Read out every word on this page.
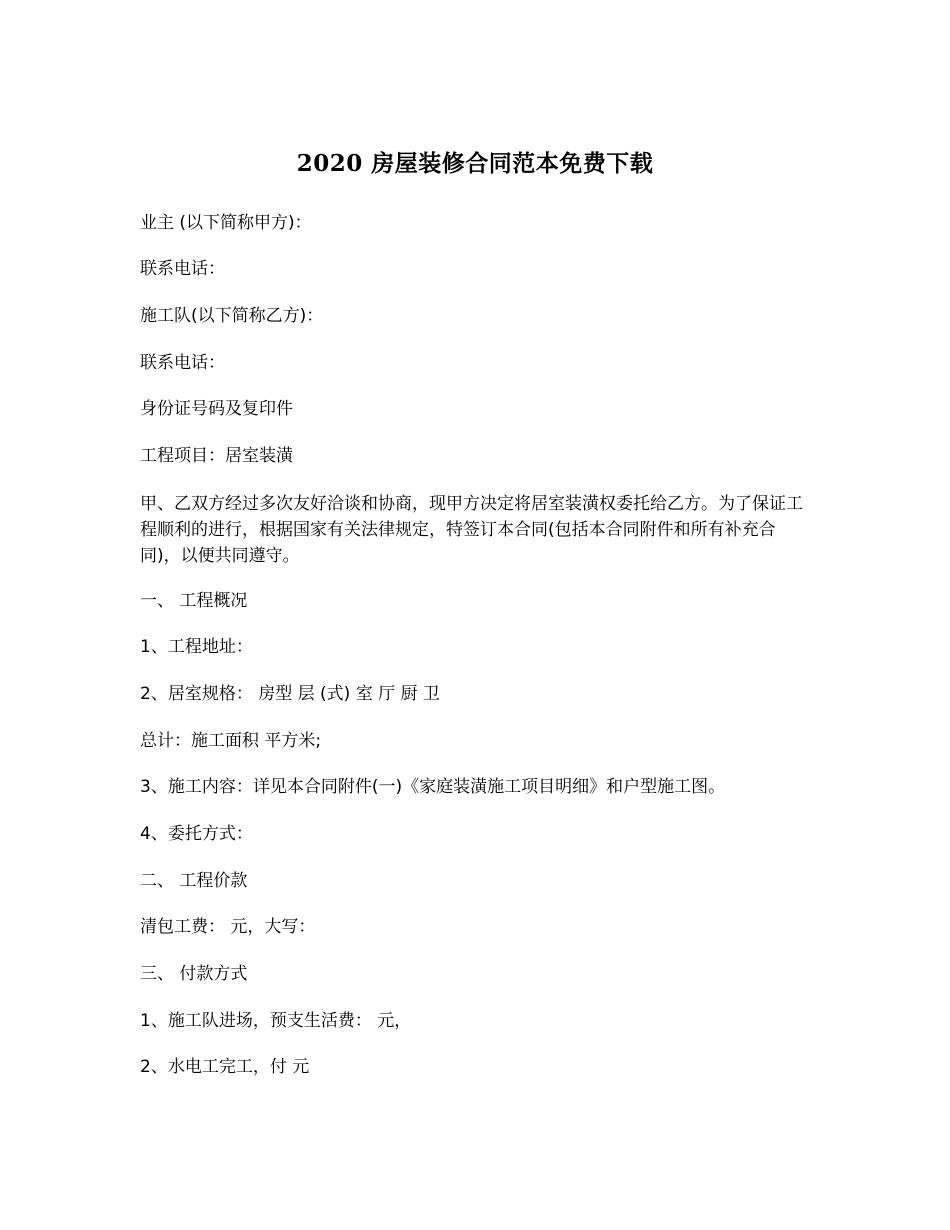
2020 房屋装修合同范本免费下载
业主 (以下简称甲方)：
联系电话：
施工队(以下简称乙方)：
联系电话：
身份证号码及复印件
工程项目：居室装潢
甲、乙双方经过多次友好洽谈和协商，现甲方决定将居室装潢权委托给乙方。为了保证工程顺利的进行，根据国家有关法律规定，特签订本合同(包括本合同附件和所有补充合同)，以便共同遵守。
一、 工程概况
1、工程地址：
2、居室规格： 房型 层 (式) 室 厅 厨 卫
总计：施工面积 平方米;
3、施工内容：详见本合同附件(一)《家庭装潢施工项目明细》和户型施工图。
4、委托方式：
二、 工程价款
清包工费： 元，大写：
三、 付款方式
1、施工队进场，预支生活费： 元，
2、水电工完工，付 元
